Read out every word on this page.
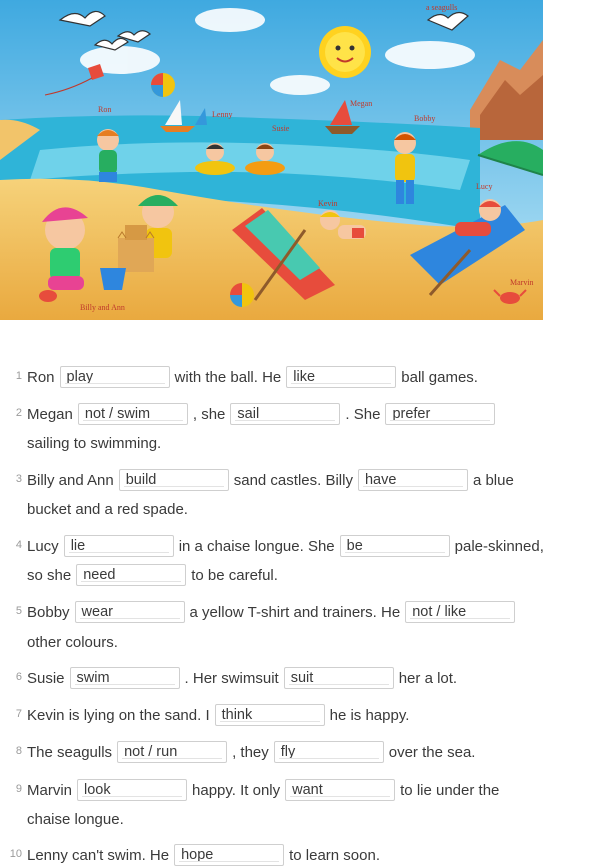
a seagulls
Ron
Lenny
Susie
Megan
Bobby
Lucy
Kevin
Marvin
Billy and Ann
1 Ron play	with the ball. He like	ball games.
2 Megan not / swim	, she sail	. She prefer
sailing to swimming.
3 Billy and Ann build	sand castles. Billy have	a blue
bucket and a red spade.
4 Lucy lie	in a chaise longue. She be	pale-skinned,
so she need	to be careful.
5 Bobby wear	a yellow T-shirt and trainers. He not / like
other colours.
6 Susie swim	. Her swimsuit suit	her a lot.
7 Kevin is lying on the sand. I think	he is happy.
8 The seagulls not / run	, they fly	over the sea.
9 Marvin look	happy. It only want	to lie under the
chaise longue.
10 Lenny can't swim. He hope	to learn soon.
